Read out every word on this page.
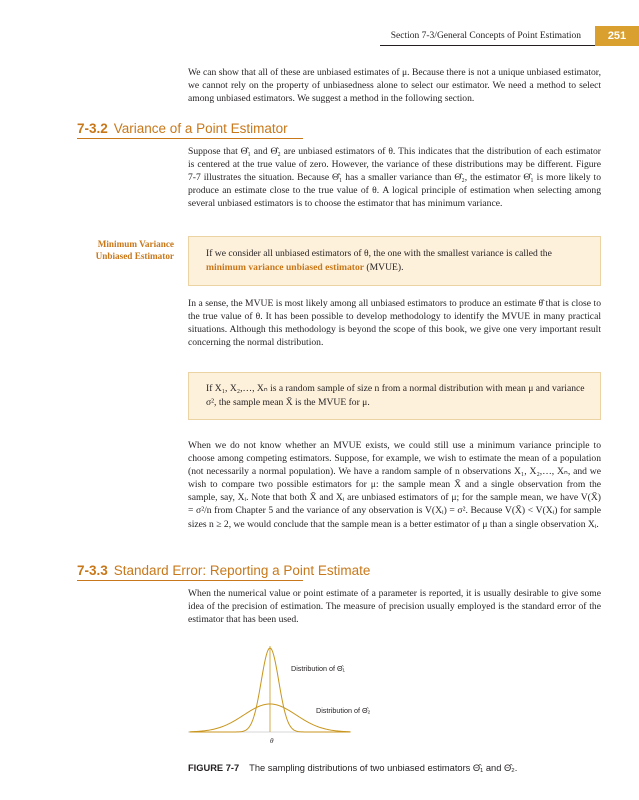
Section 7-3/General Concepts of Point Estimation	251

We can show that all of these are unbiased estimates of μ. Because there is not a unique unbiased estimator, we cannot rely on the property of unbiasedness alone to select our estimator. We need a method to select among unbiased estimators. We suggest a method in the following section.

7-3.2 Variance of a Point Estimator

Suppose that Θ̂₁ and Θ̂₂ are unbiased estimators of θ. This indicates that the distribution of each estimator is centered at the true value of zero. However, the variance of these distributions may be different. Figure 7-7 illustrates the situation. Because Θ̂₁ has a smaller variance than Θ̂₂, the estimator Θ̂₁ is more likely to produce an estimate close to the true value of θ. A logical principle of estimation when selecting among several unbiased estimators is to choose the estimator that has minimum variance.

Minimum Variance Unbiased Estimator	If we consider all unbiased estimators of θ, the one with the smallest variance is called the minimum variance unbiased estimator (MVUE).

In a sense, the MVUE is most likely among all unbiased estimators to produce an estimate θ̂ that is close to the true value of θ. It has been possible to develop methodology to identify the MVUE in many practical situations. Although this methodology is beyond the scope of this book, we give one very important result concerning the normal distribution.

If X₁, X₂,…, Xₙ is a random sample of size n from a normal distribution with mean μ and variance σ², the sample mean X̄ is the MVUE for μ.

When we do not know whether an MVUE exists, we could still use a minimum variance principle to choose among competing estimators. Suppose, for example, we wish to estimate the mean of a population (not necessarily a normal population). We have a random sample of n observations X₁, X₂,…, Xₙ, and we wish to compare two possible estimators for μ: the sample mean X̄ and a single observation from the sample, say, Xᵢ. Note that both X̄ and Xᵢ are unbiased estimators of μ; for the sample mean, we have V(X̄) = σ²/n from Chapter 5 and the variance of any observation is V(Xᵢ) = σ². Because V(X̄) < V(Xᵢ) for sample sizes n ≥ 2, we would conclude that the sample mean is a better estimator of μ than a single observation Xᵢ.

7-3.3 Standard Error: Reporting a Point Estimate

When the numerical value or point estimate of a parameter is reported, it is usually desirable to give some idea of the precision of estimation. The measure of precision usually employed is the standard error of the estimator that has been used.

Distribution of Θ̂₁
Distribution of Θ̂₂
θ
FIGURE 7-7 The sampling distributions of two unbiased estimators Θ̂₁ and Θ̂₂.
